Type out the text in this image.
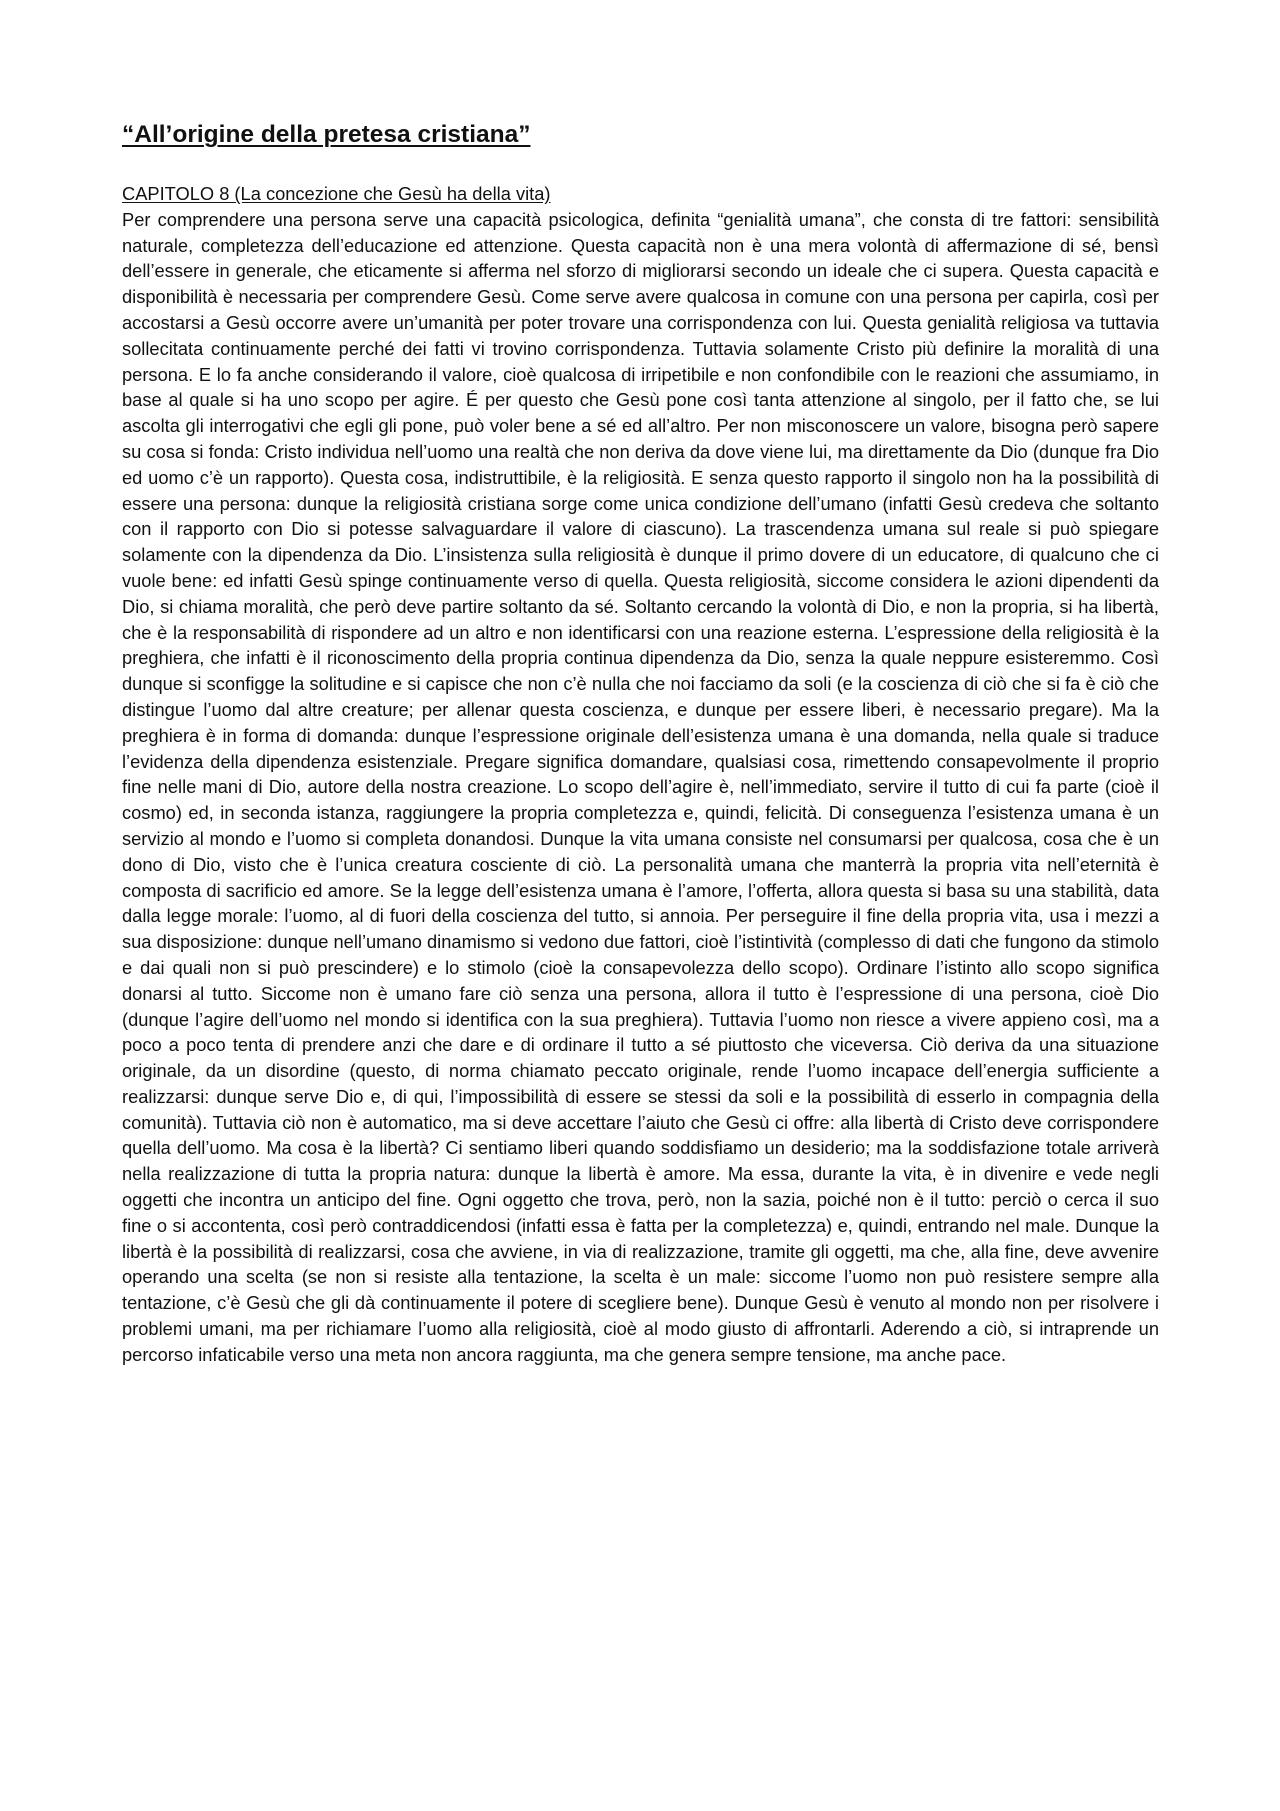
“All’origine della pretesa cristiana”
CAPITOLO 8 (La concezione che Gesù ha della vita)

Per comprendere una persona serve una capacità psicologica, definita “genialità umana”, che consta di tre fattori: sensibilità naturale, completezza dell’educazione ed attenzione. Questa capacità non è una mera volontà di affermazione di sé, bensì dell’essere in generale, che eticamente si afferma nel sforzo di migliorarsi secondo un ideale che ci supera. Questa capacità e disponibilità è necessaria per comprendere Gesù. Come serve avere qualcosa in comune con una persona per capirla, così per accostarsi a Gesù occorre avere un’umanità per poter trovare una corrispondenza con lui. Questa genialità religiosa va tuttavia sollecitata continuamente perché dei fatti vi trovino corrispondenza. Tuttavia solamente Cristo più definire la moralità di una persona. E lo fa anche considerando il valore, cioè qualcosa di irripetibile e non confondibile con le reazioni che assumiamo, in base al quale si ha uno scopo per agire. É per questo che Gesù pone così tanta attenzione al singolo, per il fatto che, se lui ascolta gli interrogativi che egli gli pone, può voler bene a sé ed all’altro. Per non misconoscere un valore, bisogna però sapere su cosa si fonda: Cristo individua nell’uomo una realtà che non deriva da dove viene lui, ma direttamente da Dio (dunque fra Dio ed uomo c’è un rapporto). Questa cosa, indistruttibile, è la religiosità. E senza questo rapporto il singolo non ha la possibilità di essere una persona: dunque la religiosità cristiana sorge come unica condizione dell’umano (infatti Gesù credeva che soltanto con il rapporto con Dio si potesse salvaguardare il valore di ciascuno). La trascendenza umana sul reale si può spiegare solamente con la dipendenza da Dio. L’insistenza sulla religiosità è dunque il primo dovere di un educatore, di qualcuno che ci vuole bene: ed infatti Gesù spinge continuamente verso di quella. Questa religiosità, siccome considera le azioni dipendenti da Dio, si chiama moralità, che però deve partire soltanto da sé. Soltanto cercando la volontà di Dio, e non la propria, si ha libertà, che è la responsabilità di rispondere ad un altro e non identificarsi con una reazione esterna. L’espressione della religiosità è la preghiera, che infatti è il riconoscimento della propria continua dipendenza da Dio, senza la quale neppure esisteremmo. Così dunque si sconfigge la solitudine e si capisce che non c’è nulla che noi facciamo da soli (e la coscienza di ciò che si fa è ciò che distingue l’uomo dal altre creature; per allenar questa coscienza, e dunque per essere liberi, è necessario pregare). Ma la preghiera è in forma di domanda: dunque l’espressione originale dell’esistenza umana è una domanda, nella quale si traduce l’evidenza della dipendenza esistenziale. Pregare significa domandare, qualsiasi cosa, rimettendo consapevolmente il proprio fine nelle mani di Dio, autore della nostra creazione. Lo scopo dell’agire è, nell’immediato, servire il tutto di cui fa parte (cioè il cosmo) ed, in seconda istanza, raggiungere la propria completezza e, quindi, felicità. Di conseguenza l’esistenza umana è un servizio al mondo e l’uomo si completa donandosi. Dunque la vita umana consiste nel consumarsi per qualcosa, cosa che è un dono di Dio, visto che è l’unica creatura cosciente di ciò. La personalità umana che manterrà la propria vita nell’eternità è composta di sacrificio ed amore. Se la legge dell’esistenza umana è l’amore, l’offerta, allora questa si basa su una stabilità, data dalla legge morale: l’uomo, al di fuori della coscienza del tutto, si annoia. Per perseguire il fine della propria vita, usa i mezzi a sua disposizione: dunque nell’umano dinamismo si vedono due fattori, cioè l’istintività (complesso di dati che fungono da stimolo e dai quali non si può prescindere) e lo stimolo (cioè la consapevolezza dello scopo). Ordinare l’istinto allo scopo significa donarsi al tutto. Siccome non è umano fare ciò senza una persona, allora il tutto è l’espressione di una persona, cioè Dio (dunque l’agire dell’uomo nel mondo si identifica con la sua preghiera). Tuttavia l’uomo non riesce a vivere appieno così, ma a poco a poco tenta di prendere anzi che dare e di ordinare il tutto a sé piuttosto che viceversa. Ciò deriva da una situazione originale, da un disordine (questo, di norma chiamato peccato originale, rende l’uomo incapace dell’energia sufficiente a realizzarsi: dunque serve Dio e, di qui, l’impossibilità di essere se stessi da soli e la possibilità di esserlo in compagnia della comunità). Tuttavia ciò non è automatico, ma si deve accettare l’aiuto che Gesù ci offre: alla libertà di Cristo deve corrispondere quella dell’uomo. Ma cosa è la libertà? Ci sentiamo liberi quando soddisfiamo un desiderio; ma la soddisfazione totale arriverà nella realizzazione di tutta la propria natura: dunque la libertà è amore. Ma essa, durante la vita, è in divenire e vede negli oggetti che incontra un anticipo del fine. Ogni oggetto che trova, però, non la sazia, poiché non è il tutto: perciò o cerca il suo fine o si accontenta, così però contraddicendosi (infatti essa è fatta per la completezza) e, quindi, entrando nel male. Dunque la libertà è la possibilità di realizzarsi, cosa che avviene, in via di realizzazione, tramite gli oggetti, ma che, alla fine, deve avvenire operando una scelta (se non si resiste alla tentazione, la scelta è un male: siccome l’uomo non può resistere sempre alla tentazione, c’è Gesù che gli dà continuamente il potere di scegliere bene). Dunque Gesù è venuto al mondo non per risolvere i problemi umani, ma per richiamare l’uomo alla religiosità, cioè al modo giusto di affrontarli. Aderendo a ciò, si intraprende un percorso infaticabile verso una meta non ancora raggiunta, ma che genera sempre tensione, ma anche pace.
